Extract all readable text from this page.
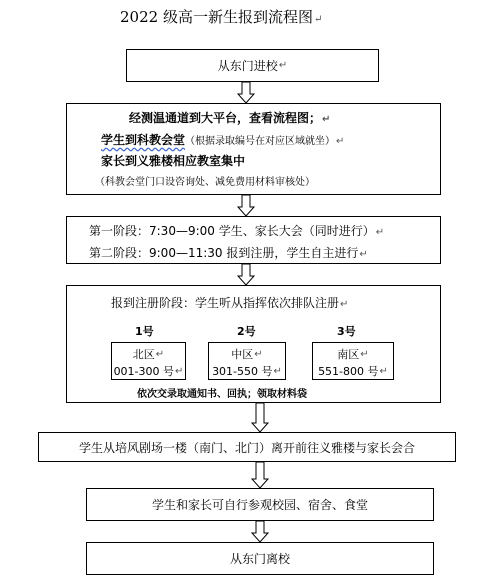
2022 级高一新生报到流程图↵
从东门进校 ↵
经测温通道到大平台，查看流程图；↵
学生到科教会堂（根据录取编号在对应区域就坐）↵
家长到义雅楼相应教室集中
（科教会堂门口设咨询处、减免费用材料审核处）
第一阶段：7:30—9:00 学生、家长大会（同时进行）↵
第二阶段：9:00—11:30 报到注册，学生自主进行↵
报到注册阶段：学生听从指挥依次排队注册↵
1号
北区 ↵
001-300 号 ↵
2号
中区 ↵
301-550 号 ↵
3号
南区 ↵
551-800 号 ↵
依次交录取通知书、回执；领取材料袋
学生从培风剧场一楼（南门、北门）离开前往义雅楼与家长会合
学生和家长可自行参观校园、宿舍、食堂
从东门离校
